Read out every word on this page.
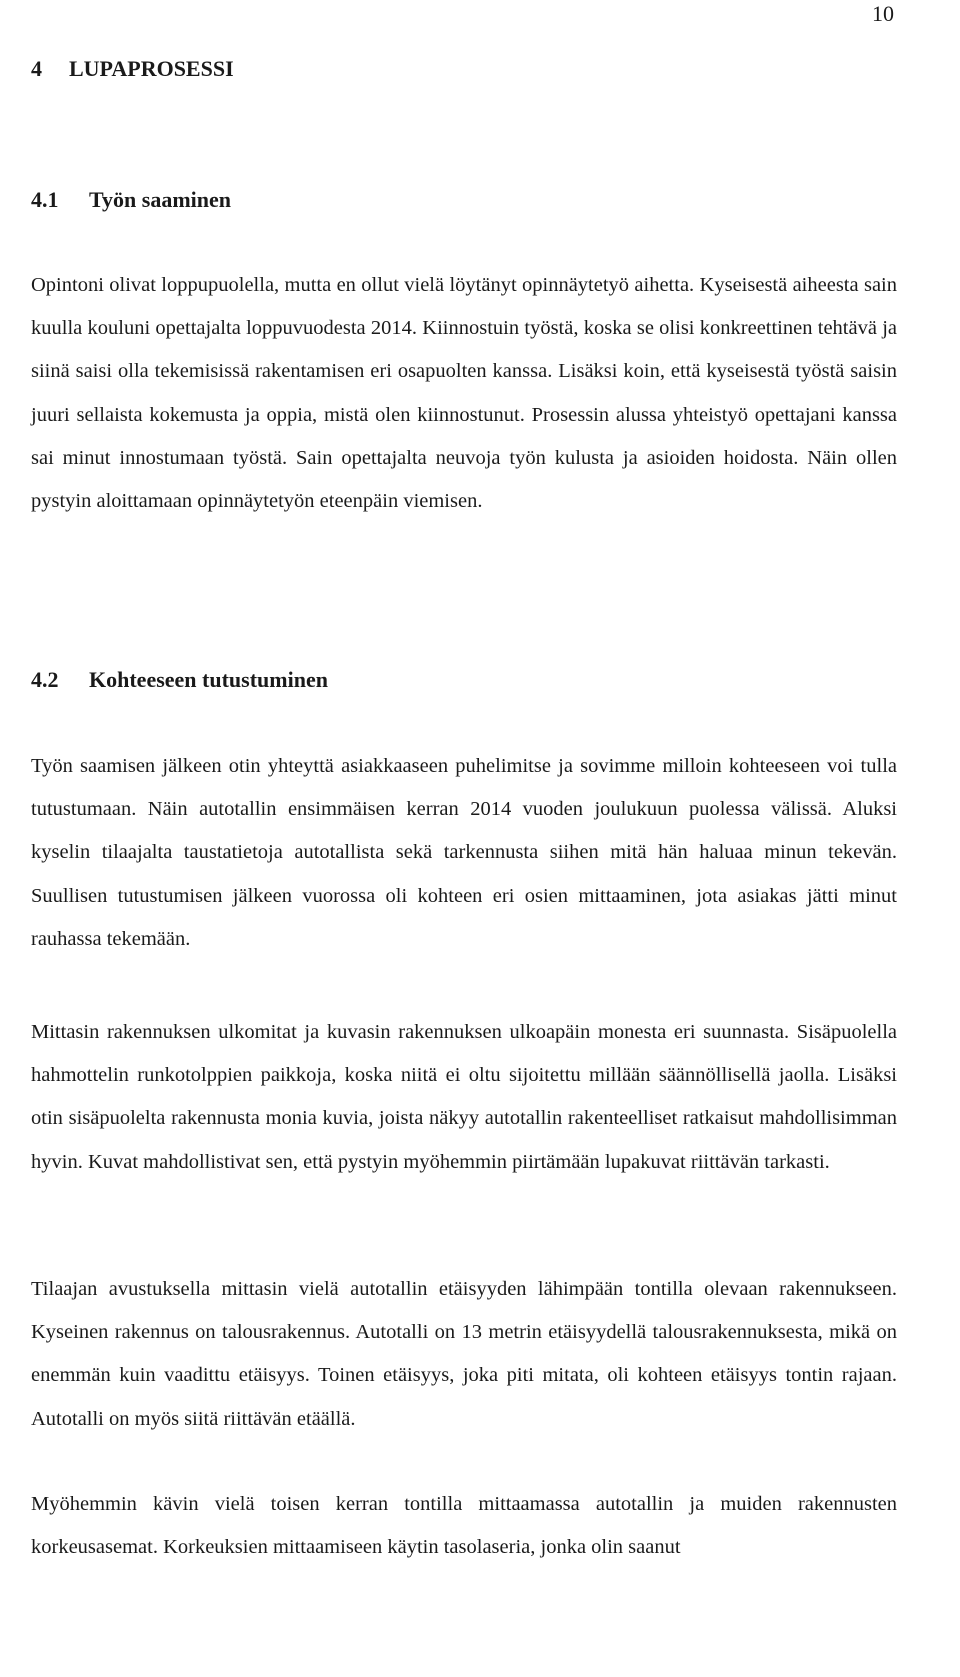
10
4 LUPAPROSESSI
4.1 Työn saaminen

Opintoni olivat loppupuolella, mutta en ollut vielä löytänyt opinnäytetyö aihetta. Kyseisestä aiheesta sain kuulla kouluni opettajalta loppuvuodesta 2014. Kiinnostuin työstä, koska se olisi konkreettinen tehtävä ja siinä saisi olla tekemisissä rakentamisen eri osapuolten kanssa. Lisäksi koin, että kyseisestä työstä saisin juuri sellaista kokemusta ja oppia, mistä olen kiinnostunut. Prosessin alussa yhteistyö opettajani kanssa sai minut innostumaan työstä. Sain opettajalta neuvoja työn kulusta ja asioiden hoidosta. Näin ollen pystyin aloittamaan opinnäytetyön eteenpäin viemisen.

4.2 Kohteeseen tutustuminen

Työn saamisen jälkeen otin yhteyttä asiakkaaseen puhelimitse ja sovimme milloin kohteeseen voi tulla tutustumaan. Näin autotallin ensimmäisen kerran 2014 vuoden joulukuun puolessa välissä. Aluksi kyselin tilaajalta taustatietoja autotallista sekä tarkennusta siihen mitä hän haluaa minun tekevän. Suullisen tutustumisen jälkeen vuorossa oli kohteen eri osien mittaaminen, jota asiakas jätti minut rauhassa tekemään.

Mittasin rakennuksen ulkomitat ja kuvasin rakennuksen ulkoapäin monesta eri suunnasta. Sisäpuolella hahmottelin runkotolppien paikkoja, koska niitä ei oltu sijoitettu millään säännöllisellä jaolla. Lisäksi otin sisäpuolelta rakennusta monia kuvia, joista näkyy autotallin rakenteelliset ratkaisut mahdollisimman hyvin. Kuvat mahdollistivat sen, että pystyin myöhemmin piirtämään lupakuvat riittävän tarkasti.

Tilaajan avustuksella mittasin vielä autotallin etäisyyden lähimpään tontilla olevaan rakennukseen. Kyseinen rakennus on talousrakennus. Autotalli on 13 metrin etäisyydellä talousrakennuksesta, mikä on enemmän kuin vaadittu etäisyys. Toinen etäisyys, joka piti mitata, oli kohteen etäisyys tontin rajaan. Autotalli on myös siitä riittävän etäällä.

Myöhemmin kävin vielä toisen kerran tontilla mittaamassa autotallin ja muiden rakennusten korkeusasemat. Korkeuksien mittaamiseen käytin tasolaseria, jonka olin saanut
